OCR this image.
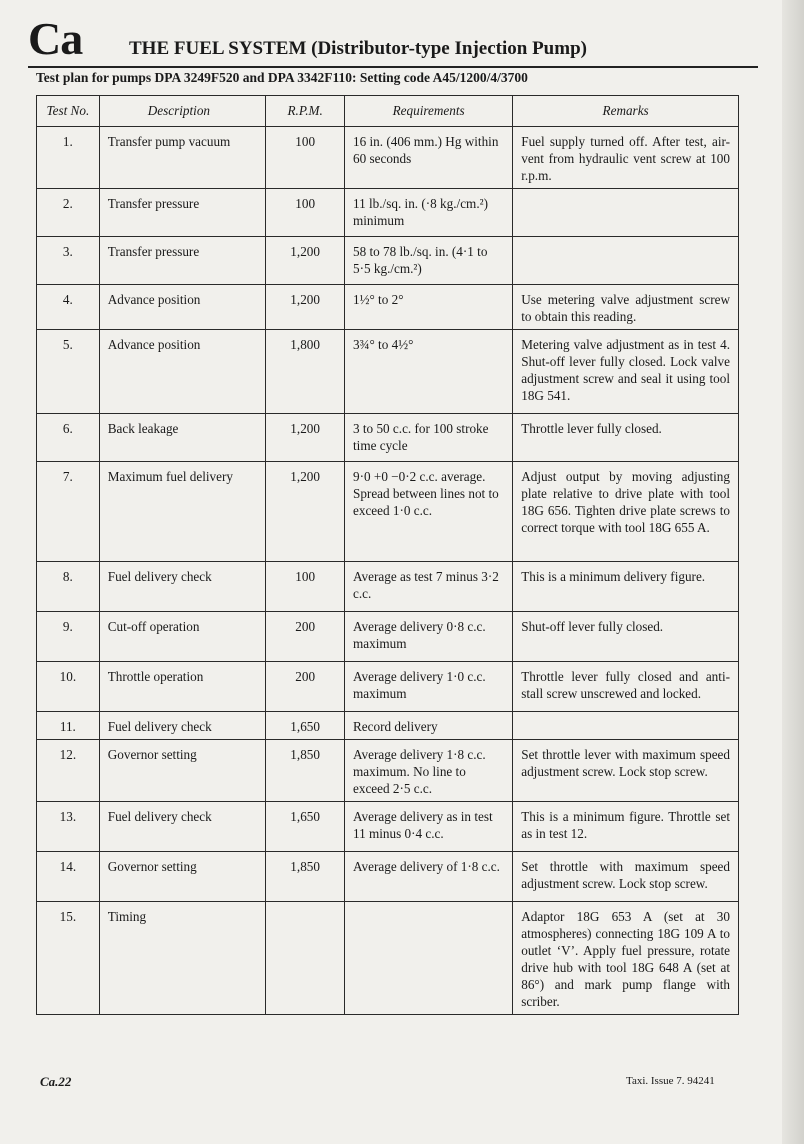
Ca THE FUEL SYSTEM (Distributor-type Injection Pump)
Test plan for pumps DPA 3249F520 and DPA 3342F110: Setting code A45/1200/4/3700
Test No.	Description	R.P.M.	Requirements	Remarks
1.	Transfer pump vacuum	100	16 in. (406 mm.) Hg within 60 seconds	Fuel supply turned off. After test, air-vent from hydraulic vent screw at 100 r.p.m.
2.	Transfer pressure	100	11 lb./sq. in. (·8 kg./cm.²) minimum	
3.	Transfer pressure	1,200	58 to 78 lb./sq. in. (4·1 to 5·5 kg./cm.²)	
4.	Advance position	1,200	1½° to 2°	Use metering valve adjustment screw to obtain this reading.
5.	Advance position	1,800	3¾° to 4½°	Metering valve adjustment as in test 4. Shut-off lever fully closed. Lock valve adjustment screw and seal it using tool 18G 541.
6.	Back leakage	1,200	3 to 50 c.c. for 100 stroke time cycle	Throttle lever fully closed.
7.	Maximum fuel delivery	1,200	9·0 +0 −0·2 c.c. average. Spread between lines not to exceed 1·0 c.c.	Adjust output by moving adjusting plate relative to drive plate with tool 18G 656. Tighten drive plate screws to correct torque with tool 18G 655 A.
8.	Fuel delivery check	100	Average as test 7 minus 3·2 c.c.	This is a minimum delivery figure.
9.	Cut-off operation	200	Average delivery 0·8 c.c. maximum	Shut-off lever fully closed.
10.	Throttle operation	200	Average delivery 1·0 c.c. maximum	Throttle lever fully closed and anti-stall screw unscrewed and locked.
11.	Fuel delivery check	1,650	Record delivery	
12.	Governor setting	1,850	Average delivery 1·8 c.c. maximum. No line to exceed 2·5 c.c.	Set throttle lever with maximum speed adjustment screw. Lock stop screw.
13.	Fuel delivery check	1,650	Average delivery as in test 11 minus 0·4 c.c.	This is a minimum figure. Throttle set as in test 12.
14.	Governor setting	1,850	Average delivery of 1·8 c.c.	Set throttle with maximum speed adjustment screw. Lock stop screw.
15.	Timing			Adaptor 18G 653 A (set at 30 atmospheres) connecting 18G 109 A to outlet ‘V’. Apply fuel pressure, rotate drive hub with tool 18G 648 A (set at 86°) and mark pump flange with scriber.
Ca.22	Taxi. Issue 7. 94241
